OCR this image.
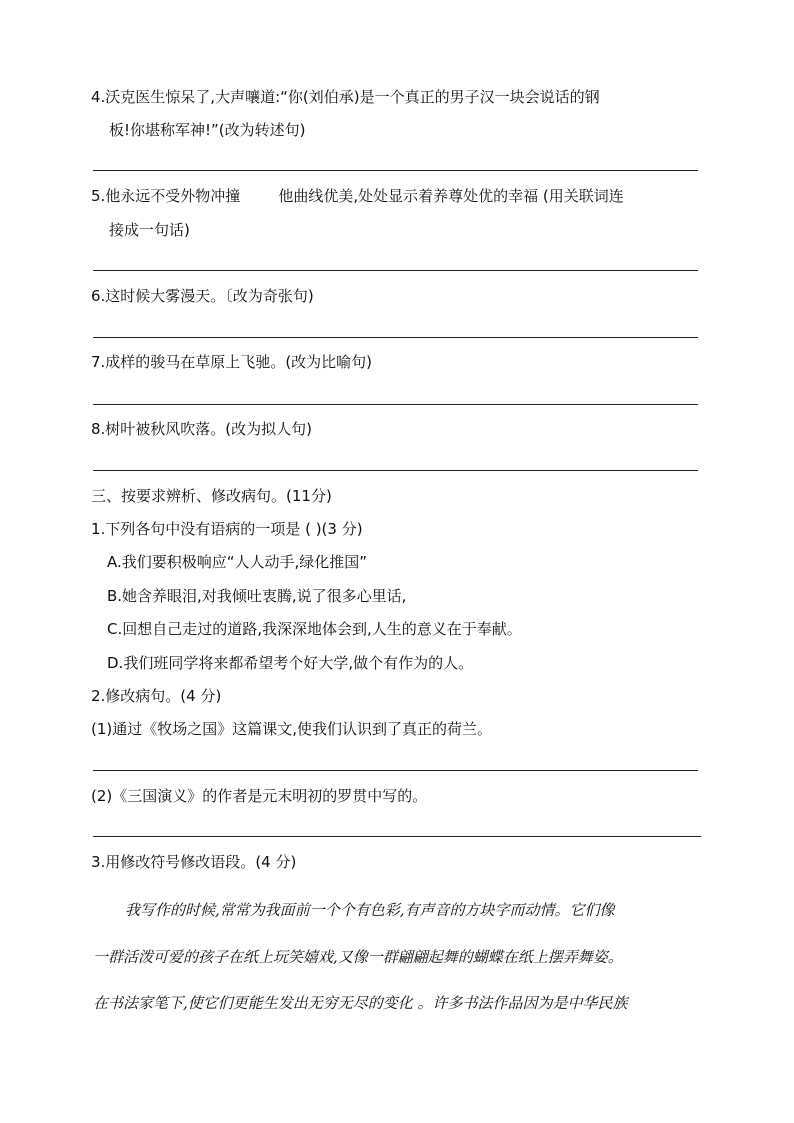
4.沃克医生惊呆了,大声嚷道:“你(刘伯承)是一个真正的男子汉一块会说话的钢
板!你堪称军神!”(改为转述句)
5.他永远不受外物冲撞	他曲线优美,处处显示着养尊处优的幸福 (用关联词连
接成一句话)
6.这时候大雾漫天。〔改为奇张句)
7.成样的骏马在草原上飞驰。(改为比喻句)
8.树叶被秋风吹落。(改为拟人句)
三、按要求辨析、修改病句。(11分)
1.下列各句中没有语病的一项是 ( )(3 分)
A.我们要积极响应“人人动手,绿化推国”
B.她含养眼泪,对我倾吐衷腾,说了很多心里话,
C.回想自己走过的道路,我深深地体会到,人生的意义在于奉献。
D.我们班同学将来都希望考个好大学,做个有作为的人。
2.修改病句。(4 分)
(1)通过《牧场之国》这篇课文,使我们认识到了真正的荷兰。
(2)《三国演义》的作者是元末明初的罗贯中写的。
3.用修改符号修改语段。(4 分)
我写作的时候,常常为我面前一个个有色彩,有声音的方块字而动情。它们像
一群活泼可爱的孩子在纸上玩笑嬉戏,又像一群翩翩起舞的蝴蝶在纸上摆弄舞姿。
在书法家笔下,使它们更能生发出无穷无尽的变化 。许多书法作品因为是中华民族
